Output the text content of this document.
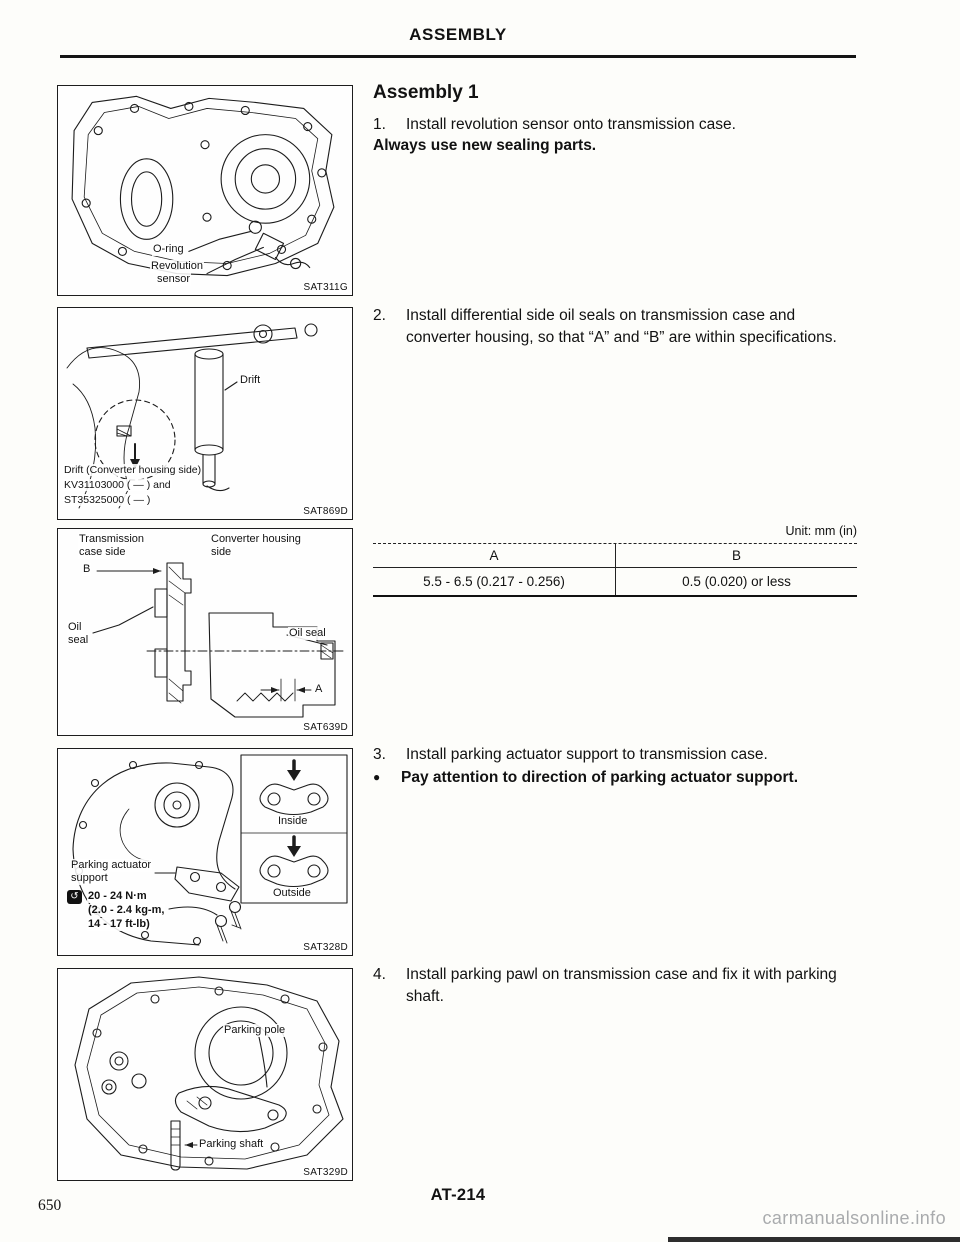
ASSEMBLY
O-ring
Revolution
sensor
SAT311G
Drift
Drift (Converter housing side)
KV31103000 ( — ) and
ST35325000 ( — )
SAT869D
Transmission
case side
Converter housing
side
B
Oil
seal
Oil seal
A
SAT639D
Inside
Outside
Parking actuator
support
↺ 20 - 24 N·m
(2.0 - 2.4 kg-m,
14 - 17 ft-lb)
SAT328D
Parking pole
Parking shaft
SAT329D
Assembly 1
1.	Install revolution sensor onto transmission case.
Always use new sealing parts.
2.	Install differential side oil seals on transmission case and converter housing, so that “A” and “B” are within specifications.
Unit: mm (in)
A	B
5.5 - 6.5 (0.217 - 0.256)	0.5 (0.020) or less
3.	Install parking actuator support to transmission case.
●	Pay attention to direction of parking actuator support.
4.	Install parking pawl on transmission case and fix it with parking shaft.
AT-214
650
carmanualsonline.info
